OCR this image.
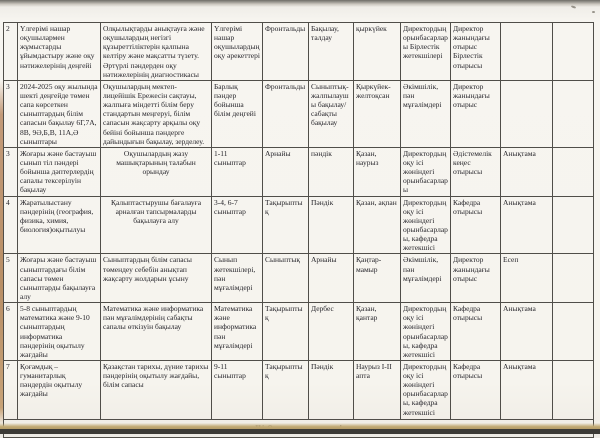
2	Үлгерімі нашар оқушылармен жұмыстарды ұйымдастыру және оқу нәтижелерінің деңгейі	Олқылықтарды анықтауға және оқушылардың негізгі құзыреттіліктерін қалпына келтіру және мақсатты түзету. Әртүрлі пәндерден оқу нәтижелерінің диагностикасы	Үлгерімі нашар оқушылардың оқу әрекеттері	Фронтальды	Бақылау, талдау	қыркүйек	Директордың орынбасарлары Бірлестік жетекшілері	Директор жанындағы отырыс Бірлестік отырысы		
3	2024-2025 оқу жылында шекті деңгейде төмен сапа көрсеткен сыныптардың білім сапасын бақылау 6Г,7А, 8В, 9Ә,Б,В, 11А,Ә сыныптары	Оқушылардың мектеп-лицейішік Ережесін сақтауы, жалпыға міндетті білім беру стандартын меңгеруі, білім сапасын жақсарту арқылы оқу бейіні бойынша пәндерге дайындығын бақылау, зерделеу.	Барлық пәндер бойынша білім деңгейі	Фронтальды	Сыныптық-жалпылаушы бақылау/сабақты бақылау	Қыркүйек-желтоқсан	Әкімшілік, пән мұғалімдері	Директор жанындағы отырыс		
3	Жоғары және бастауыш сынып тіл пәндері бойынша дәптерлердің сапалы тексерілуін бақылау	Оқушылардың жазу машықтарының талабын орындау	1-11 сыныптар	Арнайы	пәндік	Қазан, наурыз	Директордың оқу ісі жөніндегі орынбасарлары	Әдістемелік кеңес отырысы	Анықтама	
4	Жаратылыстану пәндерінің (география, физика, химия, биология)оқытылуы	Қалыптастырушы бағалауға арналған тапсырмаларды бақылауға алу	3-4, 6-7 сыныптар	Тақырыптық	Пәндік	Қазан, ақпан	Директордың оқу ісі жөніндегі орынбасарлары, кафедра жетекшісі	Кафедра отырысы	Анықтама	
5	Жоғары және бастауыш сыныптардағы білім сапасы төмен сыныптарды бақылауға алу	Сыныптардың білім сапасы төмендеу себебін анықтап жақсарту жолдарын ұсыну	Сынып жетекшілері, пән мұғалімдері	Сыныптық	Арнайы	Қаңтар-мамыр	Әкімшілік, пән мұғалімдері	Директор жанындағы отырыс	Есеп	
6	5-8 сыныптардың математика және 9-10 сыныптардың информатика пәндерінің оқытылу жағдайы	Математика және информатика пән мұғалімдерінің сабақты сапалы өткізуін бақылау	Математика және информатика пән мұғалімдері	Тақырыптық	Дербес	Қазан, қантар	Директордың оқу ісі жөніндегі орынбасарлары, кафедра жетекшісі	Кафедра отырысы	Анықтама	
7	Қоғамдық – гуманитарлық пәндердін оқытылу жағдайы	Қазақстан тарихы, дүние тарихы пәндерінің оқытылу жағдайы, білім сапасы	9-11 сыныптар	Тақырыптық	Пәндік	Наурыз I-II апта	Директордың оқу ісі жөніндегі орынбасарлары, кафедра жетекшісі	Кафедра отырысы	Анықтама	
